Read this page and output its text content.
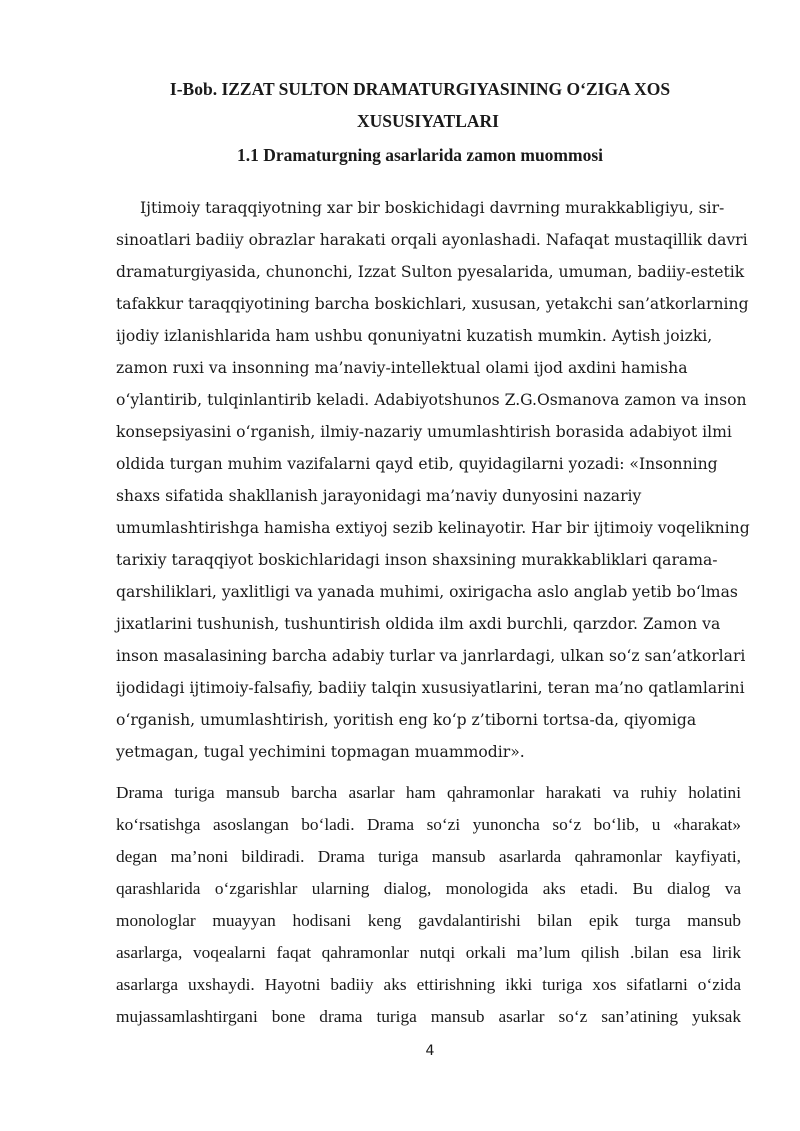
I-Bob. IZZAT SULTON DRAMATURGIYASINING O‘ZIGA XOS
XUSUSIYATLARI
1.1 Dramaturgning asarlarida zamon muommosi
Ijtimoiy taraqqiyotning xar bir boskichidagi davrning murakkabligiyu, sir-
sinoatlari badiiy obrazlar harakati orqali ayonlashadi. Nafaqat mustaqillik davri
dramaturgiyasida, chunonchi, Izzat Sulton pyesalarida, umuman, badiiy-estetik
tafakkur taraqqiyotining barcha boskichlari, xususan, yetakchi san’atkorlarning
ijodiy izlanishlarida ham ushbu qonuniyatni kuzatish mumkin. Aytish joizki,
zamon ruxi va insonning ma’naviy-intellektual olami ijod axdini hamisha
o‘ylantirib, tulqinlantirib keladi. Adabiyotshunos Z.G.Osmanova zamon va inson
konsepsiyasini o‘rganish, ilmiy-nazariy umumlashtirish borasida adabiyot ilmi
oldida turgan muhim vazifalarni qayd etib, quyidagilarni yozadi: «Insonning
shaxs sifatida shakllanish jarayonidagi ma’naviy dunyosini nazariy
umumlashtirishga hamisha extiyoj sezib kelinayotir. Har bir ijtimoiy voqelikning
tarixiy taraqqiyot boskichlaridagi inson shaxsining murakkabliklari qarama-
qarshiliklari, yaxlitligi va yanada muhimi, oxirigacha aslo anglab yetib bo‘lmas
jixatlarini tushunish, tushuntirish oldida ilm axdi burchli, qarzdor. Zamon va
inson masalasining barcha adabiy turlar va janrlardagi, ulkan so‘z san’atkorlari
ijodidagi ijtimoiy-falsafiy, badiiy talqin xususiyatlarini, teran ma’no qatlamlarini
o‘rganish, umumlashtirish, yoritish eng ko‘p z’tiborni tortsa-da, qiyomiga
yetmagan, tugal yechimini topmagan muammodir».
Drama turiga mansub barcha asarlar ham qahramonlar harakati va ruhiy holatini
ko‘rsatishga asoslangan bo‘ladi. Drama so‘zi yunoncha so‘z bo‘lib, u «harakat»
degan ma’noni bildiradi. Drama turiga mansub asarlarda qahramonlar kayfiyati,
qarashlarida o‘zgarishlar ularning dialog, monologida aks etadi. Bu dialog va
monologlar muayyan hodisani keng gavdalantirishi bilan epik turga mansub
asarlarga, voqealarni faqat qahramonlar nutqi orkali ma’lum qilish .bilan esa lirik
asarlarga uxshaydi. Hayotni badiiy aks ettirishning ikki turiga xos sifatlarni o‘zida
mujassamlashtirgani bone drama turiga mansub asarlar so‘z san’atining yuksak
4
